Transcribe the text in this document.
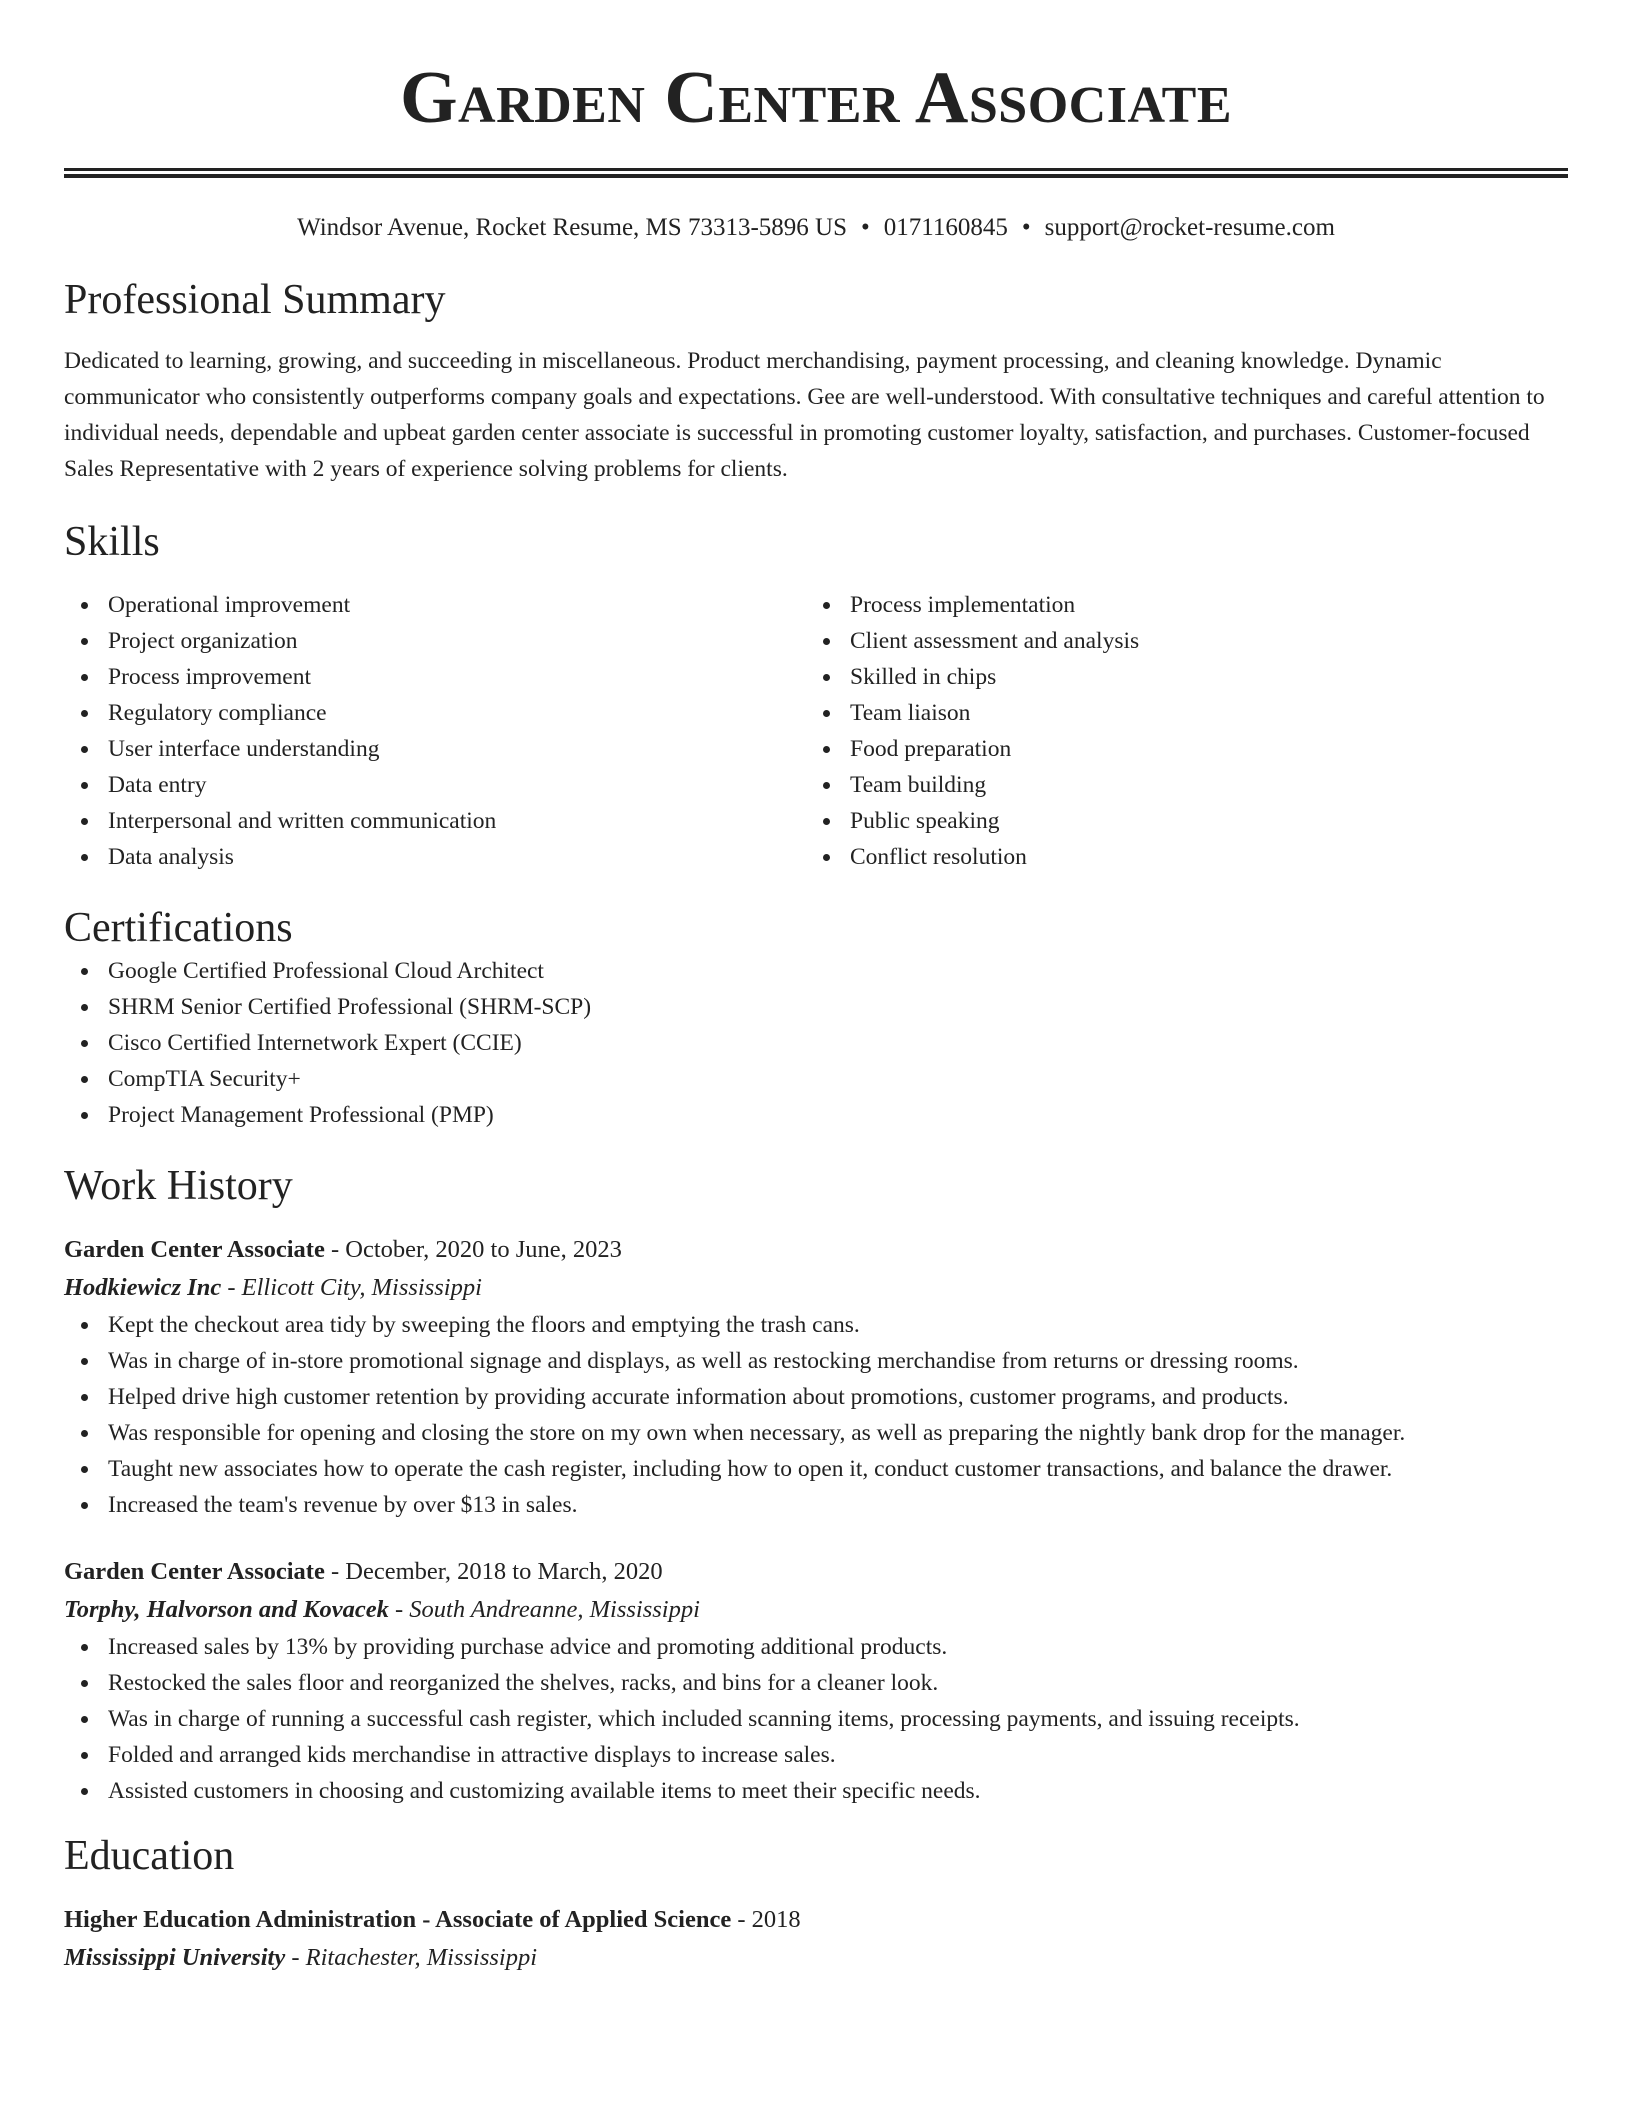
Garden Center Associate
Windsor Avenue, Rocket Resume, MS 73313-5896 US • 0171160845 • support@rocket-resume.com
Professional Summary

Dedicated to learning, growing, and succeeding in miscellaneous. Product merchandising, payment processing, and cleaning knowledge. Dynamic communicator who consistently outperforms company goals and expectations. Gee are well-understood. With consultative techniques and careful attention to individual needs, dependable and upbeat garden center associate is successful in promoting customer loyalty, satisfaction, and purchases. Customer-focused Sales Representative with 2 years of experience solving problems for clients.

Skills
Operational improvement
Project organization
Process improvement
Regulatory compliance
User interface understanding
Data entry
Interpersonal and written communication
Data analysis
Process implementation
Client assessment and analysis
Skilled in chips
Team liaison
Food preparation
Team building
Public speaking
Conflict resolution
Certifications
Google Certified Professional Cloud Architect
SHRM Senior Certified Professional (SHRM-SCP)
Cisco Certified Internetwork Expert (CCIE)
CompTIA Security+
Project Management Professional (PMP)
Work History
Garden Center Associate - October, 2020 to June, 2023
Hodkiewicz Inc - Ellicott City, Mississippi
Kept the checkout area tidy by sweeping the floors and emptying the trash cans.
Was in charge of in-store promotional signage and displays, as well as restocking merchandise from returns or dressing rooms.
Helped drive high customer retention by providing accurate information about promotions, customer programs, and products.
Was responsible for opening and closing the store on my own when necessary, as well as preparing the nightly bank drop for the manager.
Taught new associates how to operate the cash register, including how to open it, conduct customer transactions, and balance the drawer.
Increased the team's revenue by over $13 in sales.
Garden Center Associate - December, 2018 to March, 2020
Torphy, Halvorson and Kovacek - South Andreanne, Mississippi
Increased sales by 13% by providing purchase advice and promoting additional products.
Restocked the sales floor and reorganized the shelves, racks, and bins for a cleaner look.
Was in charge of running a successful cash register, which included scanning items, processing payments, and issuing receipts.
Folded and arranged kids merchandise in attractive displays to increase sales.
Assisted customers in choosing and customizing available items to meet their specific needs.
Education
Higher Education Administration - Associate of Applied Science - 2018
Mississippi University - Ritachester, Mississippi
